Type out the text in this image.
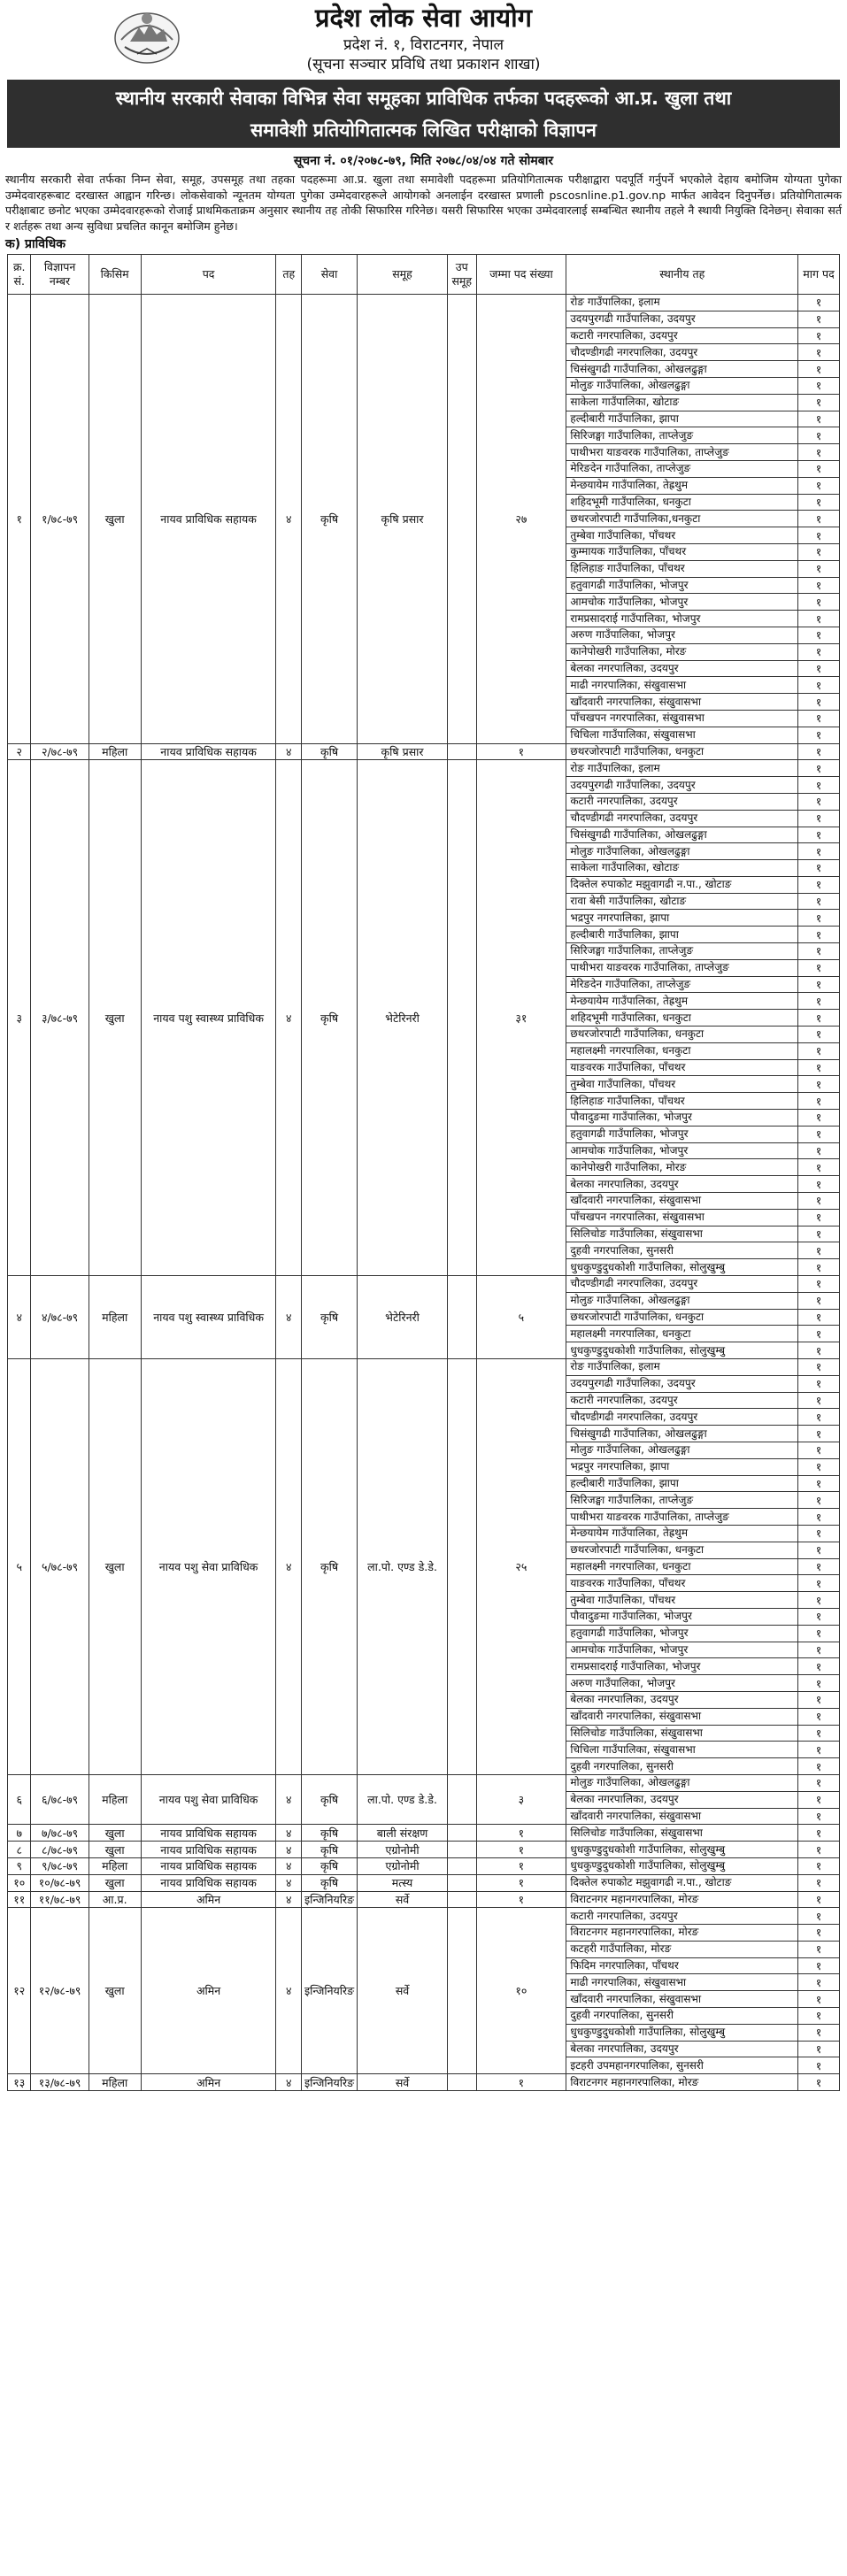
प्रदेश लोक सेवा आयोग
प्रदेश नं. १, विराटनगर, नेपाल
(सूचना सञ्चार प्रविधि तथा प्रकाशन शाखा)
स्थानीय सरकारी सेवाका विभिन्न सेवा समूहका प्राविधिक तर्फका पदहरूको आ.प्र. खुला तथा
समावेशी प्रतियोगितात्मक लिखित परीक्षाको विज्ञापन
सूचना नं. ०१/२०७८-७९, मिति २०७८/०४/०४ गते सोमबार
स्थानीय सरकारी सेवा तर्फका निम्न सेवा, समूह, उपसमूह तथा तहका पदहरूमा आ.प्र. खुला तथा समावेशी पदहरूमा प्रतियोगितात्मक परीक्षाद्वारा पदपूर्ति गर्नुपर्ने भएकोले देहाय बमोजिम योग्यता पुगेका उम्मेदवारहरूबाट दरखास्त आह्वान गरिन्छ। लोकसेवाको न्यूनतम योग्यता पुगेका उम्मेदवारहरूले आयोगको अनलाईन दरखास्त प्रणाली pscosnline.p1.gov.np मार्फत आवेदन दिनुपर्नेछ। प्रतियोगितात्मक परीक्षाबाट छनोट भएका उम्मेदवारहरूको रोजाई प्राथमिकताक्रम अनुसार स्थानीय तह तोकी सिफारिस गरिनेछ। यसरी सिफारिस भएका उम्मेदवारलाई सम्बन्धित स्थानीय तहले नै स्थायी नियुक्ति दिनेछन्। सेवाका सर्त र शर्तहरू तथा अन्य सुविधा प्रचलित कानून बमोजिम हुनेछ।
क) प्राविधिक
क्र. सं.	विज्ञापन नम्बर	किसिम	पद	तह	सेवा	समूह	उप समूह	जम्मा पद संख्या	स्थानीय तह	माग पद
१	१/७८-७९	खुला	नायव प्राविधिक सहायक	४	कृषि	कृषि प्रसार		२७	रोङ गाउँपालिका, इलाम	१
									उदयपुरगढी गाउँपालिका, उदयपुर	१
									कटारी नगरपालिका, उदयपुर	१
									चौदण्डीगढी नगरपालिका, उदयपुर	१
									चिसंखुगढी गाउँपालिका, ओखलढुङ्गा	१
									मोलुङ गाउँपालिका, ओखलढुङ्गा	१
									साकेला गाउँपालिका, खोटाङ	१
									हल्दीबारी गाउँपालिका, झापा	१
									सिरिजङ्घा गाउँपालिका, ताप्लेजुङ	१
									पाथीभरा याङवरक गाउँपालिका, ताप्लेजुङ	१
									मेरिङदेन गाउँपालिका, ताप्लेजुङ	१
									मेन्छयायेम गाउँपालिका, तेह्रथुम	१
									शहिदभूमी गाउँपालिका, धनकुटा	१
									छथरजोरपाटी गाउँपालिका,धनकुटा	१
									तुम्बेवा गाउँपालिका, पाँचथर	१
									कुम्मायक गाउँपालिका, पाँचथर	१
									हिलिहाङ गाउँपालिका, पाँचथर	१
									हतुवागढी गाउँपालिका, भोजपुर	१
									आमचोक गाउँपालिका, भोजपुर	१
									रामप्रसादराई गाउँपालिका, भोजपुर	१
									अरुण गाउँपालिका, भोजपुर	१
									कानेपोखरी गाउँपालिका, मोरङ	१
									बेलका नगरपालिका, उदयपुर	१
									माढी नगरपालिका, संखुवासभा	१
									खाँदवारी नगरपालिका, संखुवासभा	१
									पाँचखपन नगरपालिका, संखुवासभा	१
									चिचिला गाउँपालिका, संखुवासभा	१
२	२/७८-७९	महिला	नायव प्राविधिक सहायक	४	कृषि	कृषि प्रसार		१	छथरजोरपाटी गाउँपालिका, धनकुटा	१
३	३/७८-७९	खुला	नायव पशु स्वास्थ्य प्राविधिक	४	कृषि	भेटेरिनरी		३१	रोङ गाउँपालिका, इलाम	१
									उदयपुरगढी गाउँपालिका, उदयपुर	१
									कटारी नगरपालिका, उदयपुर	१
									चौदण्डीगढी नगरपालिका, उदयपुर	१
									चिसंखुगढी गाउँपालिका, ओखलढुङ्गा	१
									मोलुङ गाउँपालिका, ओखलढुङ्गा	१
									साकेला गाउँपालिका, खोटाङ	१
									दिक्तेल रुपाकोट मझुवागढी न.पा., खोटाङ	१
									रावा बेसी गाउँपालिका, खोटाङ	१
									भद्रपुर नगरपालिका, झापा	१
									हल्दीबारी गाउँपालिका, झापा	१
									सिरिजङ्घा गाउँपालिका, ताप्लेजुङ	१
									पाथीभरा याङवरक गाउँपालिका, ताप्लेजुङ	१
									मेरिङदेन गाउँपालिका, ताप्लेजुङ	१
									मेन्छयायेम गाउँपालिका, तेह्रथुम	१
									शहिदभूमी गाउँपालिका, धनकुटा	१
									छथरजोरपाटी गाउँपालिका, धनकुटा	१
									महालक्ष्मी नगरपालिका, धनकुटा	१
									याङवरक गाउँपालिका, पाँचथर	१
									तुम्बेवा गाउँपालिका, पाँचथर	१
									हिलिहाङ गाउँपालिका, पाँचथर	१
									पौवादुङमा गाउँपालिका, भोजपुर	१
									हतुवागढी गाउँपालिका, भोजपुर	१
									आमचोक गाउँपालिका, भोजपुर	१
									कानेपोखरी गाउँपालिका, मोरङ	१
									बेलका नगरपालिका, उदयपुर	१
									खाँदवारी नगरपालिका, संखुवासभा	१
									पाँचखपन नगरपालिका, संखुवासभा	१
									सिलिचोङ गाउँपालिका, संखुवासभा	१
									दुहवी नगरपालिका, सुनसरी	१
									धुधकुण्डुदुधकोशी गाउँपालिका, सोलुखुम्बु	१
४	४/७८-७९	महिला	नायव पशु स्वास्थ्य प्राविधिक	४	कृषि	भेटेरिनरी		५	चौदण्डीगढी नगरपालिका, उदयपुर	१
									मोलुङ गाउँपालिका, ओखलढुङ्गा	१
									छथरजोरपाटी गाउँपालिका, धनकुटा	१
									महालक्ष्मी नगरपालिका, धनकुटा	१
									धुधकुण्डुदुधकोशी गाउँपालिका, सोलुखुम्बु	१
५	५/७८-७९	खुला	नायव पशु सेवा प्राविधिक	४	कृषि	ला.पो. एण्ड डे.डे.		२५	रोङ गाउँपालिका, इलाम	१
									उदयपुरगढी गाउँपालिका, उदयपुर	१
									कटारी नगरपालिका, उदयपुर	१
									चौदण्डीगढी नगरपालिका, उदयपुर	१
									चिसंखुगढी गाउँपालिका, ओखलढुङ्गा	१
									मोलुङ गाउँपालिका, ओखलढुङ्गा	१
									भद्रपुर नगरपालिका, झापा	१
									हल्दीबारी गाउँपालिका, झापा	१
									सिरिजङ्घा गाउँपालिका, ताप्लेजुङ	१
									पाथीभरा याङवरक गाउँपालिका, ताप्लेजुङ	१
									मेन्छयायेम गाउँपालिका, तेह्रथुम	१
									छथरजोरपाटी गाउँपालिका, धनकुटा	१
									महालक्ष्मी नगरपालिका, धनकुटा	१
									याङवरक गाउँपालिका, पाँचथर	१
									तुम्बेवा गाउँपालिका, पाँचथर	१
									पौवादुङमा गाउँपालिका, भोजपुर	१
									हतुवागढी गाउँपालिका, भोजपुर	१
									आमचोक गाउँपालिका, भोजपुर	१
									रामप्रसादराई गाउँपालिका, भोजपुर	१
									अरुण गाउँपालिका, भोजपुर	१
									बेलका नगरपालिका, उदयपुर	१
									खाँदवारी नगरपालिका, संखुवासभा	१
									सिलिचोङ गाउँपालिका, संखुवासभा	१
									चिचिला गाउँपालिका, संखुवासभा	१
									दुहवी नगरपालिका, सुनसरी	१
६	६/७८-७९	महिला	नायव पशु सेवा प्राविधिक	४	कृषि	ला.पो. एण्ड डे.डे.		३	मोलुङ गाउँपालिका, ओखलढुङ्गा	१
									बेलका नगरपालिका, उदयपुर	१
									खाँदवारी नगरपालिका, संखुवासभा	१
७	७/७८-७९	खुला	नायव प्राविधिक सहायक	४	कृषि	बाली संरक्षण		१	सिलिचोङ गाउँपालिका, संखुवासभा	१
८	८/७८-७९	खुला	नायव प्राविधिक सहायक	४	कृषि	एग्रोनोमी		१	धुधकुण्डुदुधकोशी गाउँपालिका, सोलुखुम्बु	१
९	९/७८-७९	महिला	नायव प्राविधिक सहायक	४	कृषि	एग्रोनोमी		१	धुधकुण्डुदुधकोशी गाउँपालिका, सोलुखुम्बु	१
१०	१०/७८-७९	खुला	नायव प्राविधिक सहायक	४	कृषि	मत्स्य		१	दिक्तेल रुपाकोट मझुवागढी न.पा., खोटाङ	१
११	११/७८-७९	आ.प्र.	अमिन	४	इन्जिनियरिङ	सर्वे		१	विराटनगर महानगरपालिका, मोरङ	१
१२	१२/७८-७९	खुला	अमिन	४	इन्जिनियरिङ	सर्वे		१०	कटारी नगरपालिका, उदयपुर	१
									विराटनगर महानगरपालिका, मोरङ	१
									कटहरी गाउँपालिका, मोरङ	१
									फिदिम नगरपालिका, पाँचथर	१
									माढी नगरपालिका, संखुवासभा	१
									खाँदवारी नगरपालिका, संखुवासभा	१
									दुहवी नगरपालिका, सुनसरी	१
									धुधकुण्डुदुधकोशी गाउँपालिका, सोलुखुम्बु	१
									बेलका नगरपालिका, उदयपुर	१
									इटहरी उपमहानगरपालिका, सुनसरी	१
१३	१३/७८-७९	महिला	अमिन	४	इन्जिनियरिङ	सर्वे		१	विराटनगर महानगरपालिका, मोरङ	१
